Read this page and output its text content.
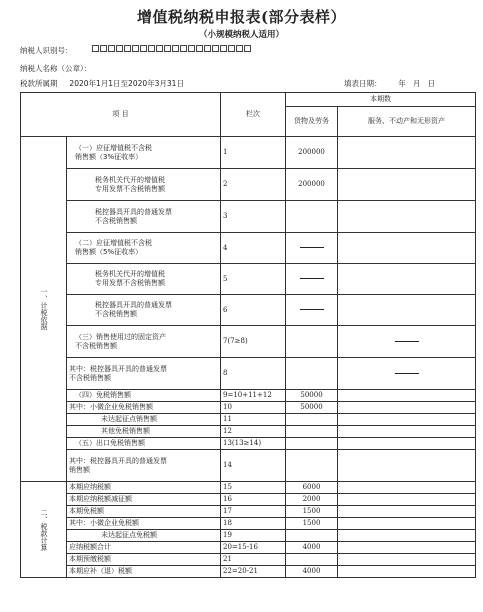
增值税纳税申报表(部分表样）
（小规模纳税人适用）
纳税人识别号：
纳税人名称（公章）：
税款所属期 2020年1月1日至2020年3月31日	填表日期： 年 月 日
项 目		栏次	本期数	
			货物及劳务	服务、不动产和无形资产
一、计税依据	（一）应征增值税不含税
销售额（3%征收率）	1	200000	
	税务机关代开的增值税
专用发票不含税销售额	2	200000	
	税控器具开具的普通发票
不含税销售额	3		
	（二）应征增值税不含税
销售额（5%征收率）	4		
	税务机关代开的增值税
专用发票不含税销售额	5		
	税控器具开具的普通发票
不含税销售额	6		
	（三）销售使用过的固定资产
不含税销售额	7(7≥8)		
	其中：税控器具开具的普通发票
不含税销售额	8		
	（四）免税销售额	9=10+11+12	50000	
	其中：小微企业免税销售额	10	50000	
	未达起征点销售额	11		
	其他免税销售额	12		
	（五）出口免税销售额	13(13≥14)		
	其中：税控器具开具的普通发票
销售额	14		
二、税款计算	本期应纳税额	15	6000	
	本期应纳税额减征额	16	2000	
	本期免税额	17	1500	
	其中：小微企业免税额	18	1500	
	未达起征点免税额	19		
	应纳税额合计	20=15-16	4000	
	本期预缴税额	21		
	本期应补（退）税额	22=20-21	4000	
